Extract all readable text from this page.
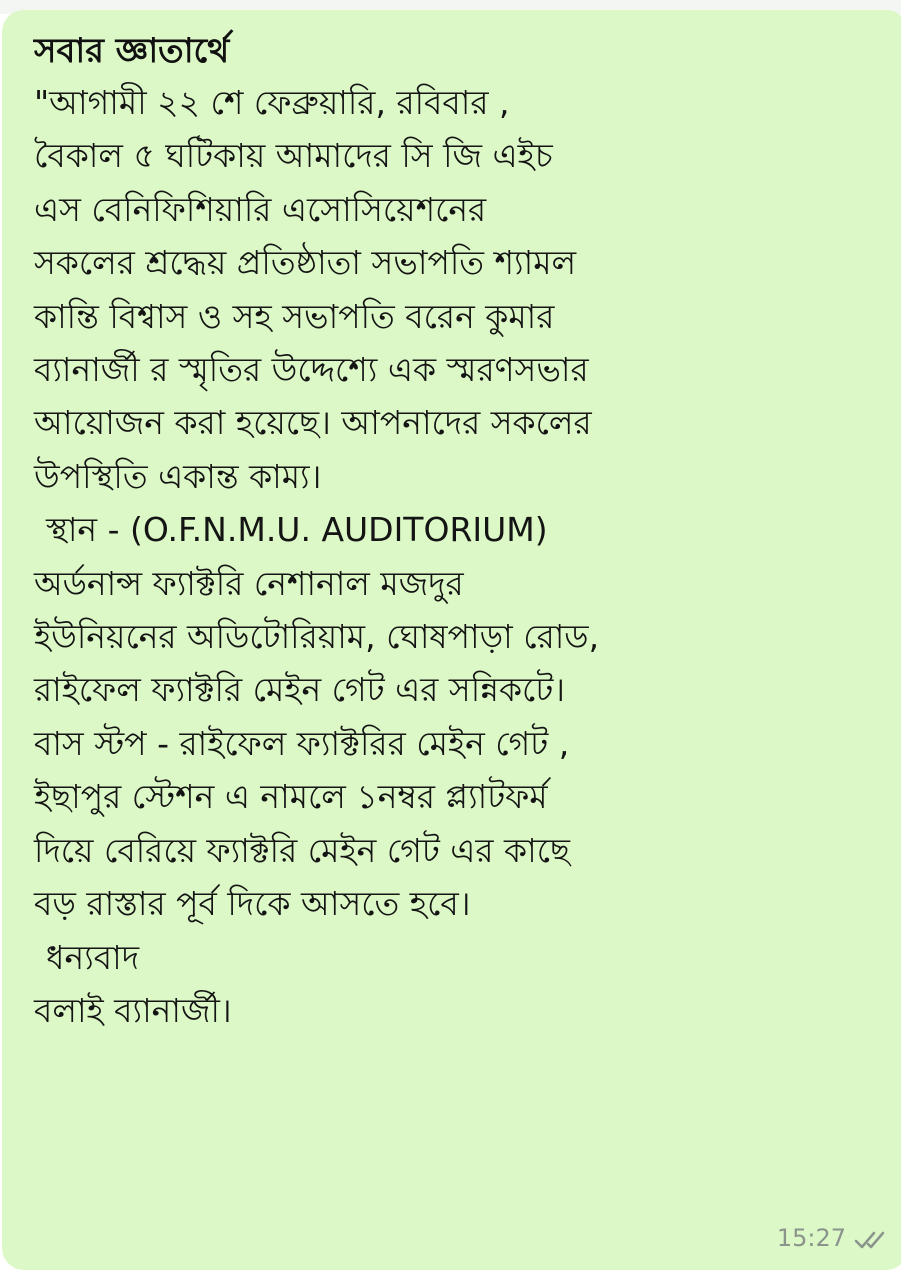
সবার জ্ঞাতার্থে

"আগামী ২২ শে ফেব্রুয়ারি, রবিবার ,

বৈকাল ৫ ঘটিকায় আমাদের সি জি এইচ

এস বেনিফিশিয়ারি এসোসিয়েশনের

সকলের শ্রদ্ধেয় প্রতিষ্ঠাতা সভাপতি শ্যামল

কান্তি বিশ্বাস ও সহ সভাপতি বরেন কুমার

ব্যানার্জী র স্মৃতির উদ্দেশ্যে এক স্মরণসভার

আয়োজন করা হয়েছে। আপনাদের সকলের

উপস্থিতি একান্ত কাম্য।

স্থান - (O.F.N.M.U. AUDITORIUM)

অর্ডনান্স ফ্যাক্টরি নেশানাল মজদুর

ইউনিয়নের অডিটোরিয়াম, ঘোষপাড়া রোড,

রাইফেল ফ্যাক্টরি মেইন গেট এর সন্নিকটে।

বাস স্টপ - রাইফেল ফ্যাক্টরির মেইন গেট ,

ইছাপুর স্টেশন এ নামলে ১নম্বর প্ল্যাটফর্ম

দিয়ে বেরিয়ে ফ্যাক্টরি মেইন গেট এর কাছে

বড় রাস্তার পূর্ব দিকে আসতে হবে।

ধন্যবাদ

বলাই ব্যানার্জী।

15:27
